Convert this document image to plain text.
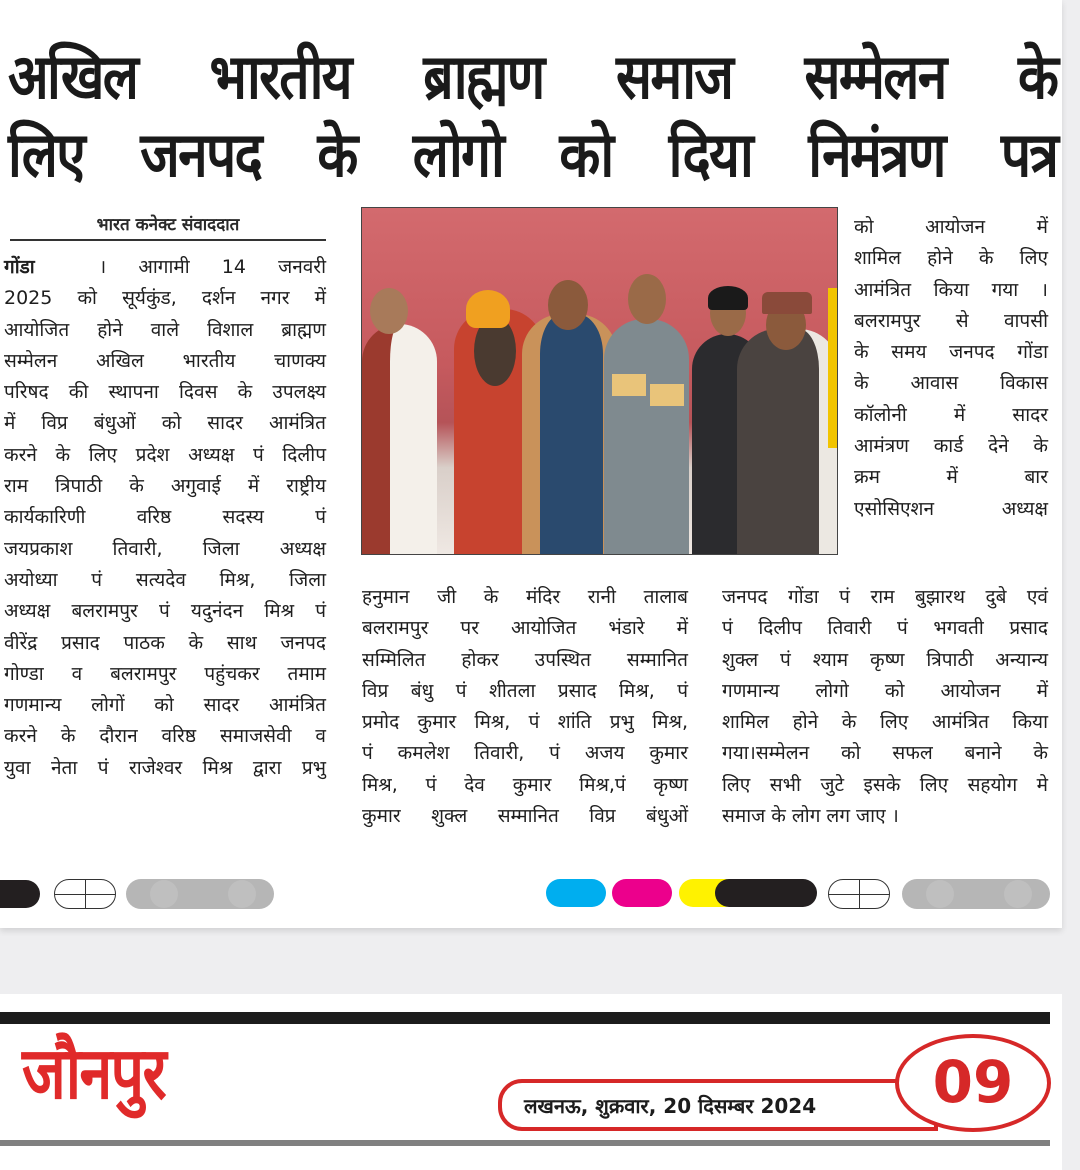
अखिल भारतीय ब्राह्मण समाज सम्मेलन के
लिए जनपद के लोगो को दिया निमंत्रण पत्र
भारत कनेक्ट संवाददात
गोंडा	। आगामी 14 जनवरी
2025 को सूर्यकुंड, दर्शन नगर में
आयोजित होने वाले विशाल ब्राह्मण
सम्मेलन अखिल भारतीय चाणक्य
परिषद की स्थापना दिवस के उपलक्ष्य
में विप्र बंधुओं को सादर आमंत्रित
करने के लिए प्रदेश अध्यक्ष पं दिलीप
राम त्रिपाठी के अगुवाई में राष्ट्रीय
कार्यकारिणी वरिष्ठ सदस्य पं
जयप्रकाश तिवारी, जिला अध्यक्ष
अयोध्या पं सत्यदेव मिश्र, जिला
अध्यक्ष बलरामपुर पं यदुनंदन मिश्र पं
वीरेंद्र प्रसाद पाठक के साथ जनपद
गोण्डा व बलरामपुर पहुंचकर तमाम
गणमान्य लोगों को सादर आमंत्रित
करने के दौरान वरिष्ठ समाजसेवी व
युवा नेता पं राजेश्वर मिश्र द्वारा प्रभु
हनुमान जी के मंदिर रानी तालाब
बलरामपुर पर आयोजित भंडारे में
सम्मिलित होकर उपस्थित सम्मानित
विप्र बंधु पं शीतला प्रसाद मिश्र, पं
प्रमोद कुमार मिश्र, पं शांति प्रभु मिश्र,
पं कमलेश तिवारी, पं अजय कुमार
मिश्र, पं देव कुमार मिश्र,पं कृष्ण
कुमार शुक्ल सम्मानित विप्र बंधुओं
को आयोजन में
शामिल होने के लिए
आमंत्रित किया गया ।
बलरामपुर से वापसी
के समय जनपद गोंडा
के आवास विकास
कॉलोनी में सादर
आमंत्रण कार्ड देने के
क्रम में बार
एसोसिएशन अध्यक्ष
जनपद गोंडा पं राम बुझारथ दुबे एवं
पं दिलीप तिवारी पं भगवती प्रसाद
शुक्ल पं श्याम कृष्ण त्रिपाठी अन्यान्य
गणमान्य लोगो को आयोजन में
शामिल होने के लिए आमंत्रित किया
गया।सम्मेलन को सफल बनाने के
लिए सभी जुटे इसके लिए सहयोग मे
समाज के लोग लग जाए ।
जौनपुर	लखनऊ, शुक्रवार, 20 दिसम्बर 2024	09
